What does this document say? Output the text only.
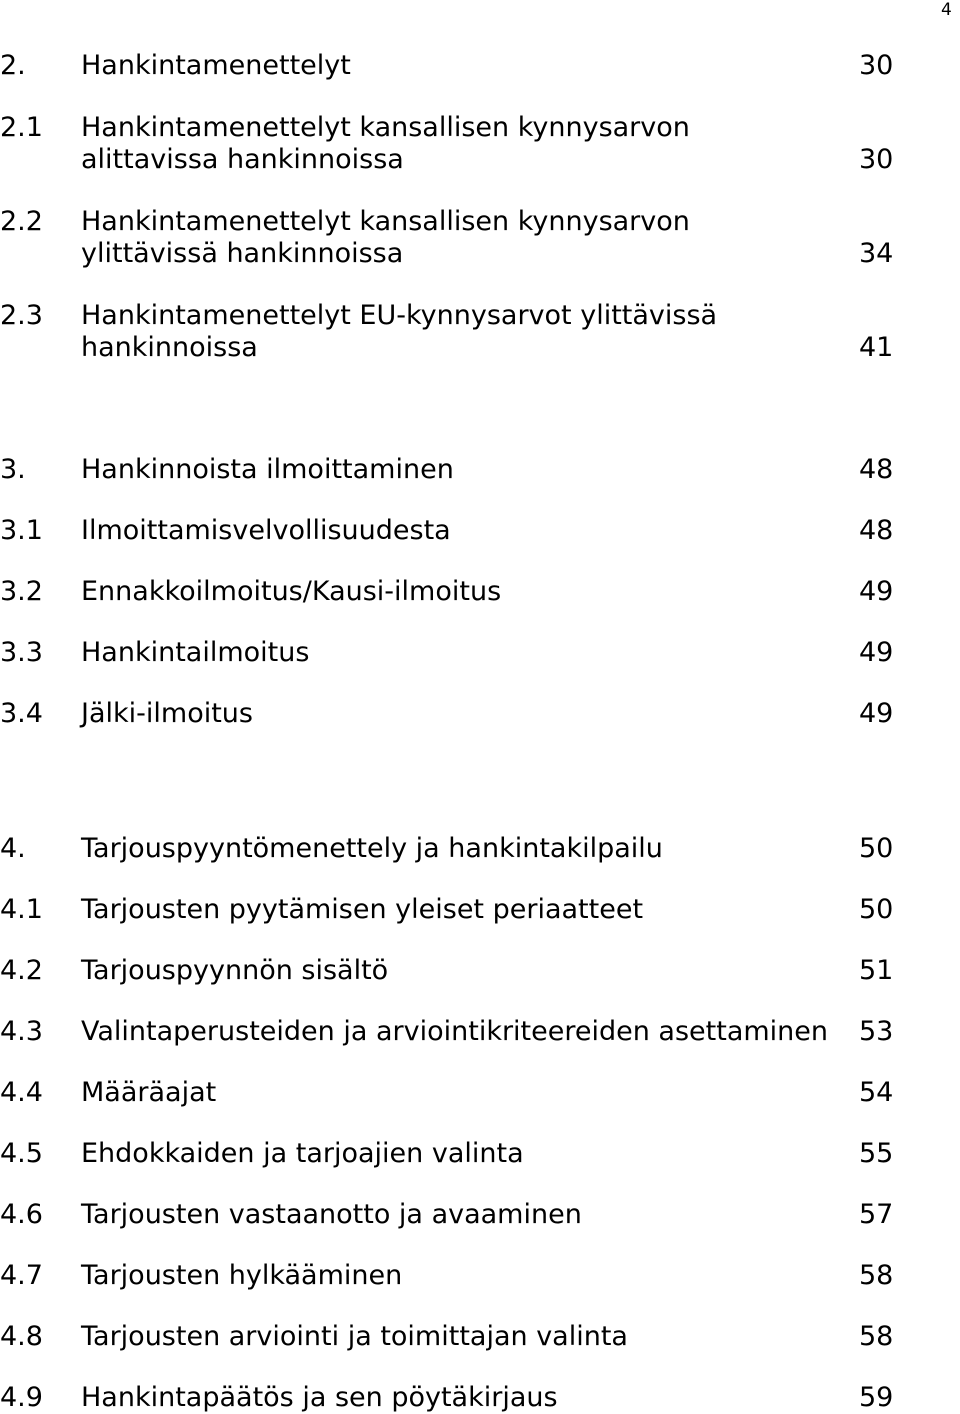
4
2. Hankintamenettelyt	30
2.1 Hankintamenettelyt kansallisen kynnysarvon
alittavissa hankinnoissa	30
2.2 Hankintamenettelyt kansallisen kynnysarvon
ylittävissä hankinnoissa	34
2.3 Hankintamenettelyt EU-kynnysarvot ylittävissä
hankinnoissa	41
3. Hankinnoista ilmoittaminen	48
3.1 Ilmoittamisvelvollisuudesta	48
3.2 Ennakkoilmoitus/Kausi-ilmoitus	49
3.3 Hankintailmoitus	49
3.4 Jälki-ilmoitus	49
4. Tarjouspyyntömenettely ja hankintakilpailu	50
4.1 Tarjousten pyytämisen yleiset periaatteet	50
4.2 Tarjouspyynnön sisältö	51
4.3 Valintaperusteiden ja arviointikriteereiden asettaminen	53
4.4 Määräajat	54
4.5 Ehdokkaiden ja tarjoajien valinta	55
4.6 Tarjousten vastaanotto ja avaaminen	57
4.7 Tarjousten hylkääminen	58
4.8 Tarjousten arviointi ja toimittajan valinta	58
4.9 Hankintapäätös ja sen pöytäkirjaus	59
